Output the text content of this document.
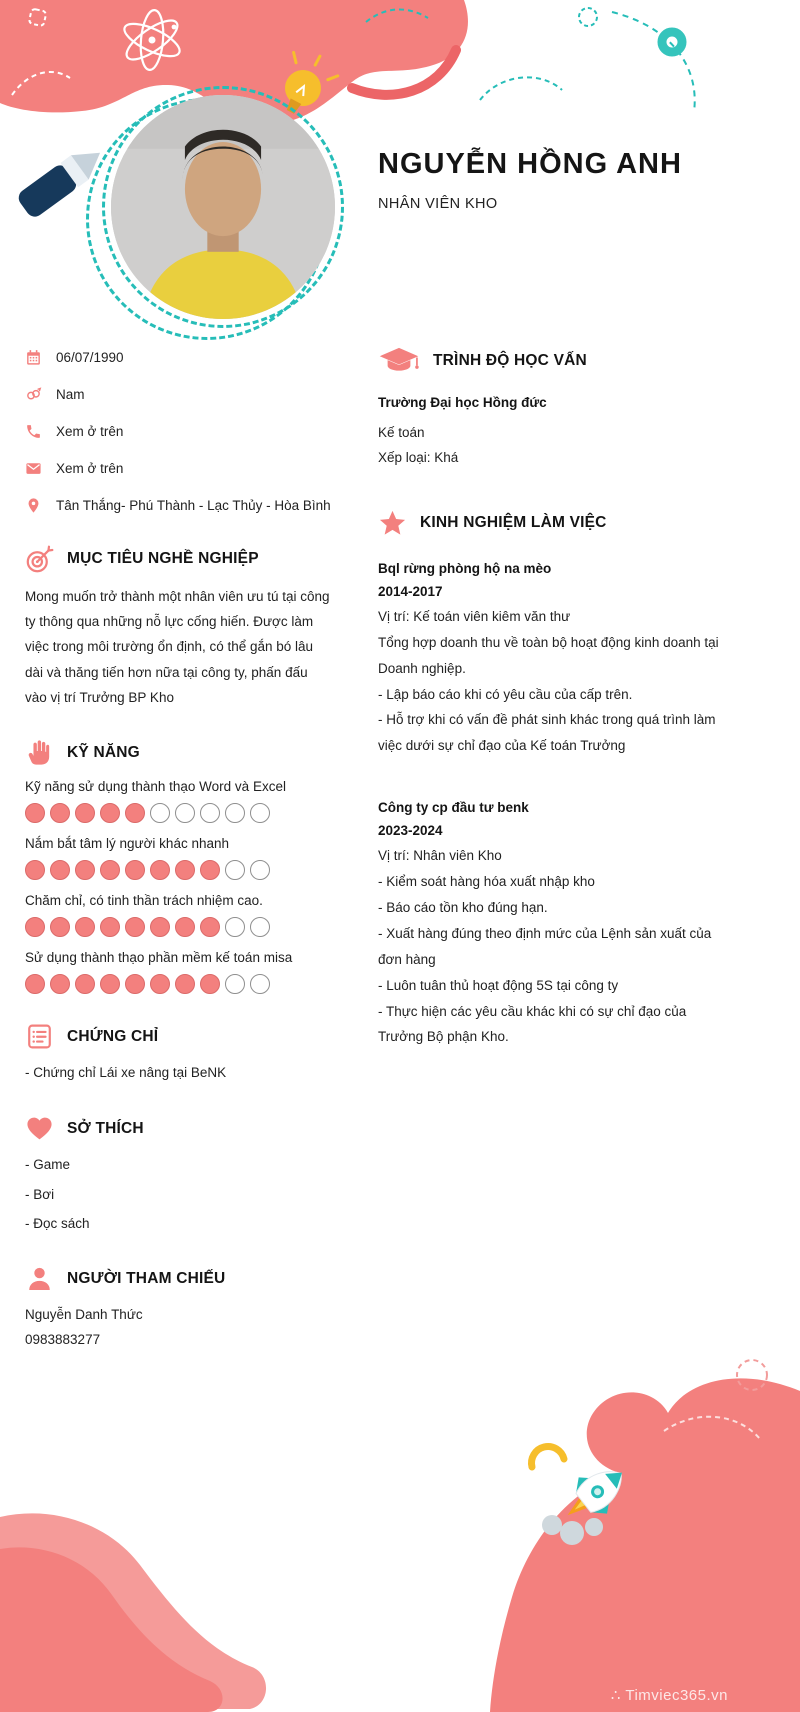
NGUYỄN HỒNG ANH
NHÂN VIÊN KHO
06/07/1990
Nam
Xem ở trên
Xem ở trên
Tân Thắng- Phú Thành - Lạc Thủy - Hòa Bình
MỤC TIÊU NGHỀ NGHIỆP

Mong muốn trở thành một nhân viên ưu tú tại công ty thông qua những nỗ lực cống hiến. Được làm việc trong môi trường ổn định, có thể gắn bó lâu dài và thăng tiến hơn nữa tại công ty, phấn đấu vào vị trí Trưởng BP Kho

KỸ NĂNG
Kỹ năng sử dụng thành thạo Word và Excel
Nắm bắt tâm lý người khác nhanh
Chăm chỉ, có tinh thần trách nhiệm cao.
Sử dụng thành thạo phần mềm kế toán misa
CHỨNG CHỈ
- Chứng chỉ Lái xe nâng tại BeNK
SỞ THÍCH
- Game
- Bơi
- Đọc sách
NGƯỜI THAM CHIẾU
Nguyễn Danh Thức
0983883277
TRÌNH ĐỘ HỌC VẤN
Trường Đại học Hồng đức
Kế toán
Xếp loại: Khá
KINH NGHIỆM LÀM VIỆC
Bql rừng phòng hộ na mèo
2014-2017
Vị trí: Kế toán viên kiêm văn thư
Tổng hợp doanh thu về toàn bộ hoạt động kinh doanh tại Doanh nghiệp.
- Lập báo cáo khi có yêu cầu của cấp trên.
- Hỗ trợ khi có vấn đề phát sinh khác trong quá trình làm việc dưới sự chỉ đạo của Kế toán Trưởng
Công ty cp đầu tư benk
2023-2024
Vị trí: Nhân viên Kho
- Kiểm soát hàng hóa xuất nhập kho
- Báo cáo tồn kho đúng hạn.
- Xuất hàng đúng theo định mức của Lệnh sản xuất của đơn hàng
- Luôn tuân thủ hoạt động 5S tại công ty
- Thực hiện các yêu cầu khác khi có sự chỉ đạo của Trưởng Bộ phận Kho.
∴ Timviec365.vn
